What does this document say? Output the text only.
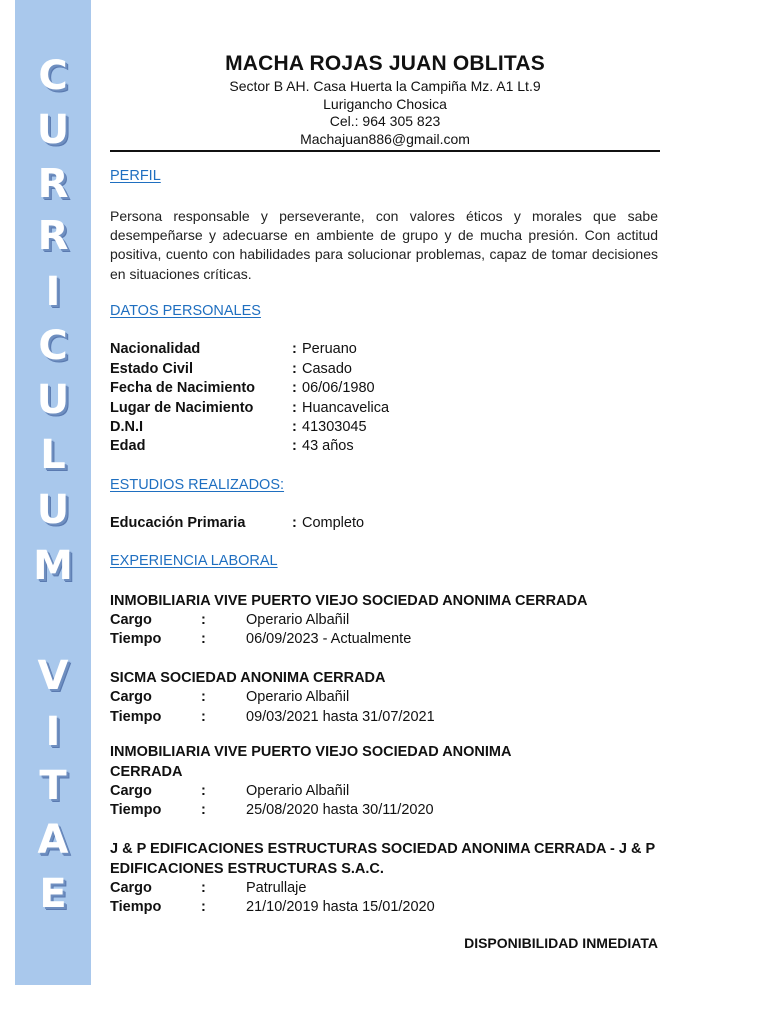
C
U
R
R
I
C
U
L
U
M
V
I
T
A
E
MACHA ROJAS JUAN OBLITAS
Sector B AH. Casa Huerta la Campiña Mz. A1 Lt.9
Lurigancho Chosica
Cel.: 964 305 823
Machajuan886@gmail.com
PERFIL
Persona responsable y perseverante, con valores éticos y morales que sabe desempeñarse y adecuarse en ambiente de grupo y de mucha presión. Con actitud positiva, cuento con habilidades para solucionar problemas, capaz de tomar decisiones en situaciones críticas.
DATOS PERSONALES
Nacionalidad	: Peruano
Estado Civil	: Casado
Fecha de Nacimiento	: 06/06/1980
Lugar de Nacimiento	: Huancavelica
D.N.I	: 41303045
Edad	: 43 años
ESTUDIOS REALIZADOS:
Educación Primaria	: Completo
EXPERIENCIA LABORAL
INMOBILIARIA VIVE PUERTO VIEJO SOCIEDAD ANONIMA CERRADA
Cargo	:	Operario Albañil
Tiempo	:	06/09/2023 - Actualmente
SICMA SOCIEDAD ANONIMA CERRADA
Cargo	:	Operario Albañil
Tiempo	:	09/03/2021 hasta 31/07/2021
INMOBILIARIA VIVE PUERTO VIEJO SOCIEDAD ANONIMA CERRADA
Cargo	:	Operario Albañil
Tiempo	:	25/08/2020 hasta 30/11/2020
J & P EDIFICACIONES ESTRUCTURAS SOCIEDAD ANONIMA CERRADA - J & P EDIFICACIONES ESTRUCTURAS S.A.C.
Cargo	:	Patrullaje
Tiempo	:	21/10/2019 hasta 15/01/2020
DISPONIBILIDAD INMEDIATA
